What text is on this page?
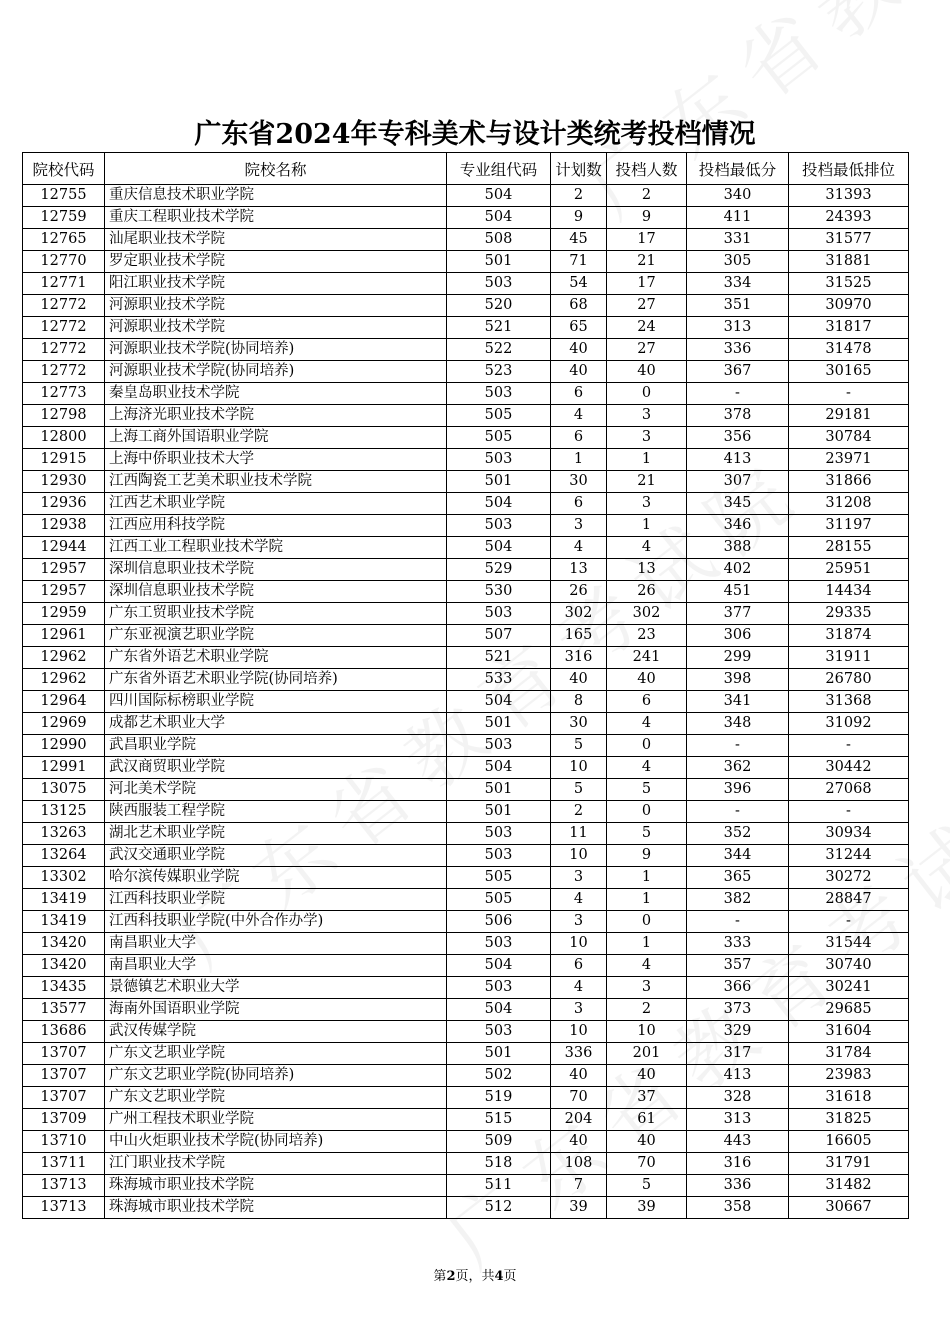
广东省2024年专科美术与设计类统考投档情况
院校代码	院校名称	专业组代码	计划数	投档人数	投档最低分	投档最低排位
12755	重庆信息技术职业学院	504	2	2	340	31393
12759	重庆工程职业技术学院	504	9	9	411	24393
12765	汕尾职业技术学院	508	45	17	331	31577
12770	罗定职业技术学院	501	71	21	305	31881
12771	阳江职业技术学院	503	54	17	334	31525
12772	河源职业技术学院	520	68	27	351	30970
12772	河源职业技术学院	521	65	24	313	31817
12772	河源职业技术学院(协同培养)	522	40	27	336	31478
12772	河源职业技术学院(协同培养)	523	40	40	367	30165
12773	秦皇岛职业技术学院	503	6	0	-	-
12798	上海济光职业技术学院	505	4	3	378	29181
12800	上海工商外国语职业学院	505	6	3	356	30784
12915	上海中侨职业技术大学	503	1	1	413	23971
12930	江西陶瓷工艺美术职业技术学院	501	30	21	307	31866
12936	江西艺术职业学院	504	6	3	345	31208
12938	江西应用科技学院	503	3	1	346	31197
12944	江西工业工程职业技术学院	504	4	4	388	28155
12957	深圳信息职业技术学院	529	13	13	402	25951
12957	深圳信息职业技术学院	530	26	26	451	14434
12959	广东工贸职业技术学院	503	302	302	377	29335
12961	广东亚视演艺职业学院	507	165	23	306	31874
12962	广东省外语艺术职业学院	521	316	241	299	31911
12962	广东省外语艺术职业学院(协同培养)	533	40	40	398	26780
12964	四川国际标榜职业学院	504	8	6	341	31368
12969	成都艺术职业大学	501	30	4	348	31092
12990	武昌职业学院	503	5	0	-	-
12991	武汉商贸职业学院	504	10	4	362	30442
13075	河北美术学院	501	5	5	396	27068
13125	陕西服装工程学院	501	2	0	-	-
13263	湖北艺术职业学院	503	11	5	352	30934
13264	武汉交通职业学院	503	10	9	344	31244
13302	哈尔滨传媒职业学院	505	3	1	365	30272
13419	江西科技职业学院	505	4	1	382	28847
13419	江西科技职业学院(中外合作办学)	506	3	0	-	-
13420	南昌职业大学	503	10	1	333	31544
13420	南昌职业大学	504	6	4	357	30740
13435	景德镇艺术职业大学	503	4	3	366	30241
13577	海南外国语职业学院	504	3	2	373	29685
13686	武汉传媒学院	503	10	10	329	31604
13707	广东文艺职业学院	501	336	201	317	31784
13707	广东文艺职业学院(协同培养)	502	40	40	413	23983
13707	广东文艺职业学院	519	70	37	328	31618
13709	广州工程技术职业学院	515	204	61	313	31825
13710	中山火炬职业技术学院(协同培养)	509	40	40	443	16605
13711	江门职业技术学院	518	108	70	316	31791
13713	珠海城市职业技术学院	511	7	5	336	31482
13713	珠海城市职业技术学院	512	39	39	358	30667
第2页，共4页
